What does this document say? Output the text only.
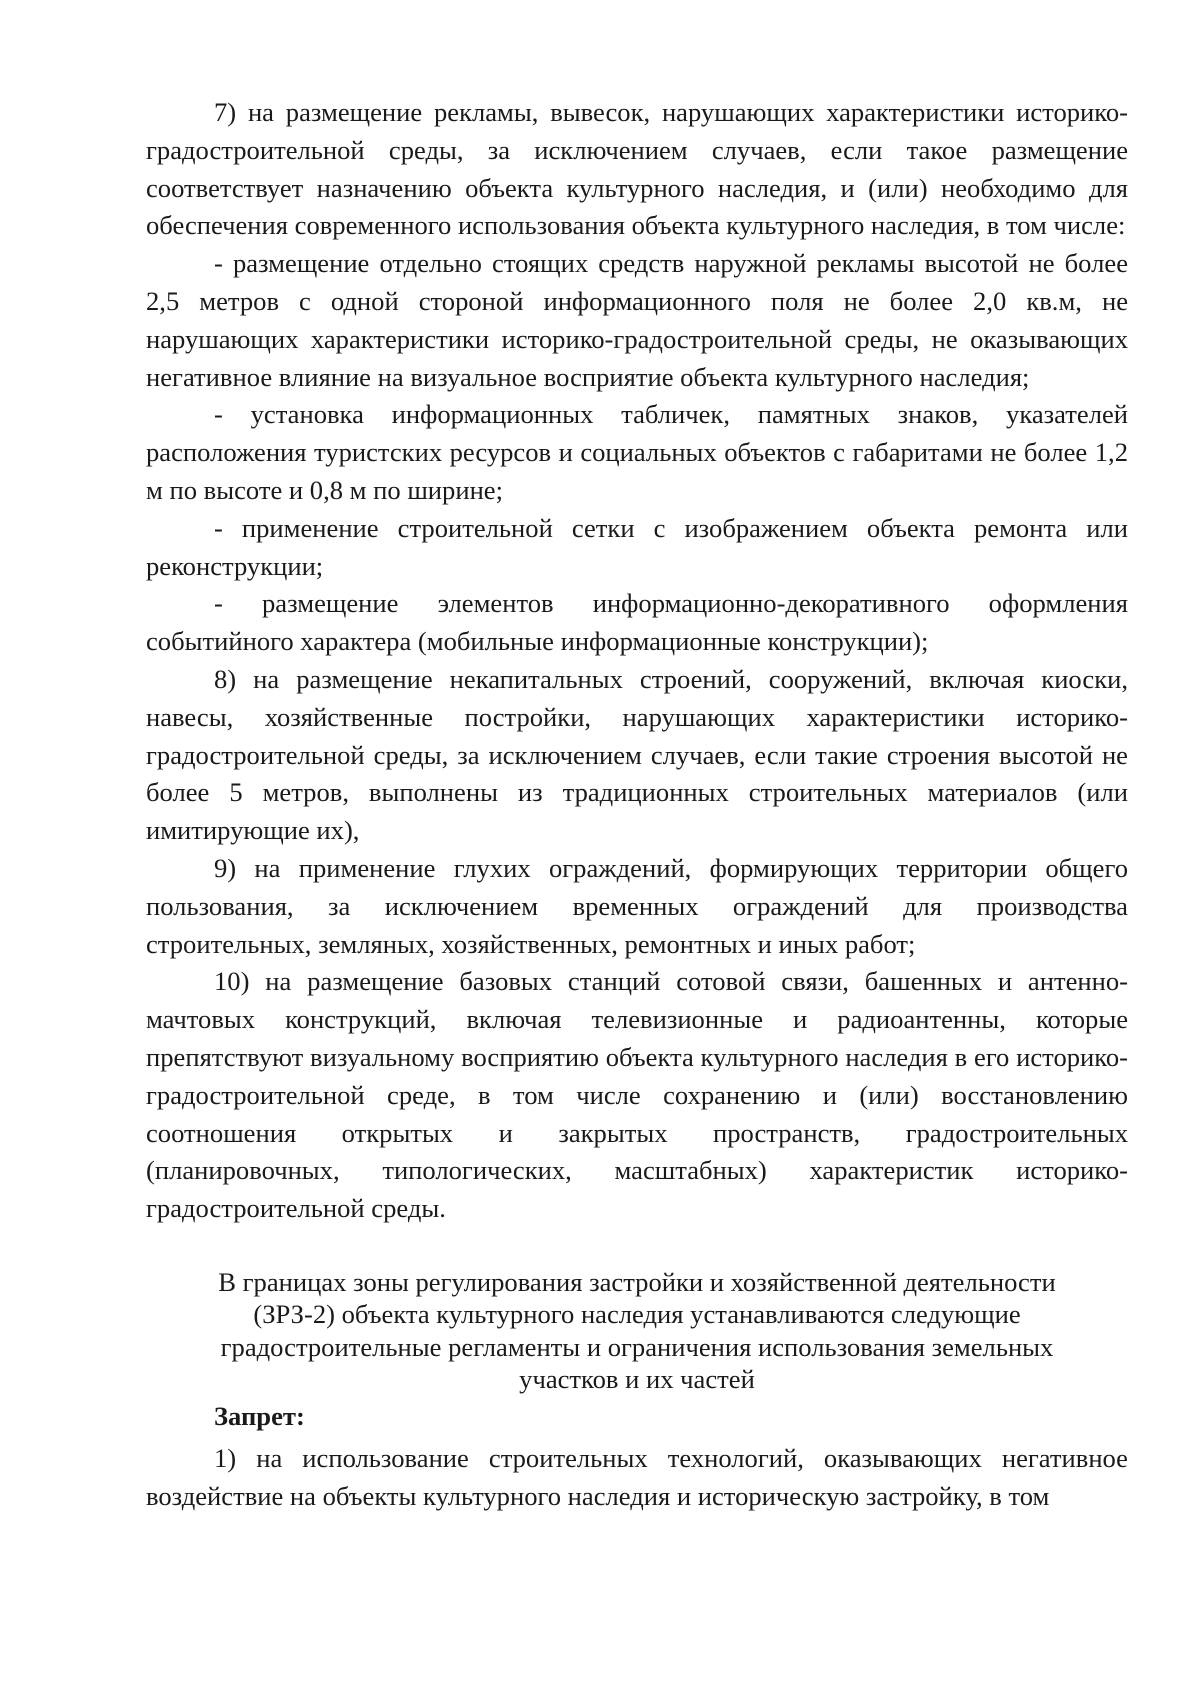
7) на размещение рекламы, вывесок, нарушающих характеристики историко-градостроительной среды, за исключением случаев, если такое размещение соответствует назначению объекта культурного наследия, и (или) необходимо для обеспечения современного использования объекта культурного наследия, в том числе:

- размещение отдельно стоящих средств наружной рекламы высотой не более 2,5 метров с одной стороной информационного поля не более 2,0 кв.м, не нарушающих характеристики историко-градостроительной среды, не оказывающих негативное влияние на визуальное восприятие объекта культурного наследия;

- установка информационных табличек, памятных знаков, указателей расположения туристских ресурсов и социальных объектов с габаритами не более 1,2 м по высоте и 0,8 м по ширине;

- применение строительной сетки с изображением объекта ремонта или реконструкции;

- размещение элементов информационно-декоративного оформления событийного характера (мобильные информационные конструкции);

8) на размещение некапитальных строений, сооружений, включая киоски, навесы, хозяйственные постройки, нарушающих характеристики историко-градостроительной среды, за исключением случаев, если такие строения высотой не более 5 метров, выполнены из традиционных строительных материалов (или имитирующие их),

9) на применение глухих ограждений, формирующих территории общего пользования, за исключением временных ограждений для производства строительных, земляных, хозяйственных, ремонтных и иных работ;

10) на размещение базовых станций сотовой связи, башенных и антенно-мачтовых конструкций, включая телевизионные и радиоантенны, которые препятствуют визуальному восприятию объекта культурного наследия в его историко-градостроительной среде, в том числе сохранению и (или) восстановлению соотношения открытых и закрытых пространств, градостроительных (планировочных, типологических, масштабных) характеристик историко-градостроительной среды.

В границах зоны регулирования застройки и хозяйственной деятельности
(ЗРЗ-2) объекта культурного наследия устанавливаются следующие
градостроительные регламенты и ограничения использования земельных
участков и их частей
Запрет:

1) на использование строительных технологий, оказывающих негативное воздействие на объекты культурного наследия и историческую застройку, в том
